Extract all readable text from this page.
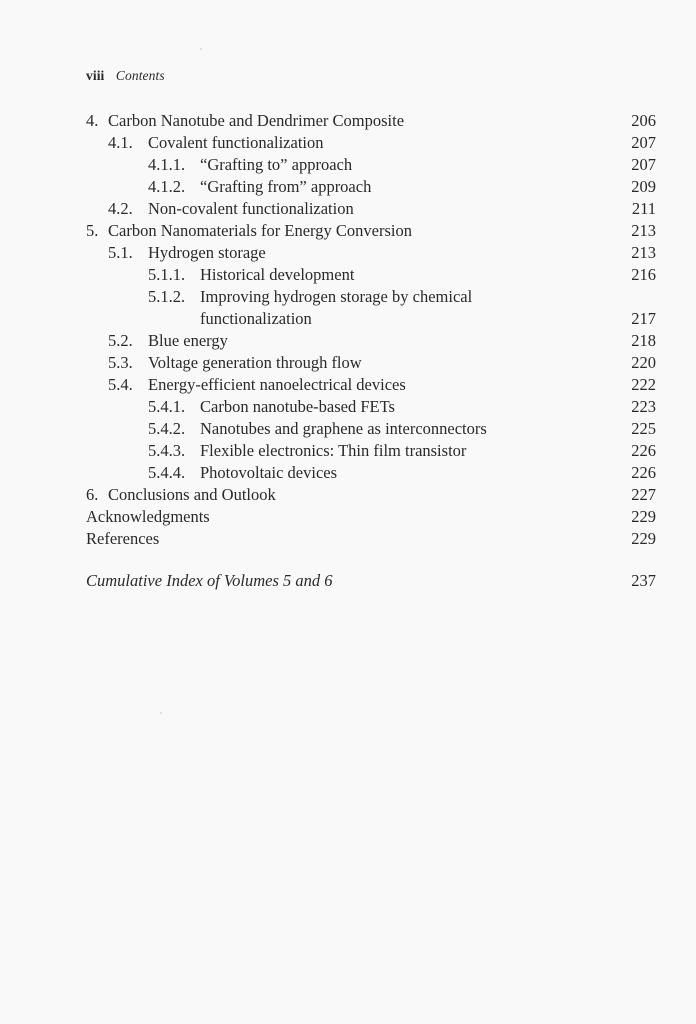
viii Contents
4. Carbon Nanotube and Dendrimer Composite	206
4.1. Covalent functionalization	207
4.1.1. “Grafting to” approach	207
4.1.2. “Grafting from” approach	209
4.2. Non-covalent functionalization	211
5. Carbon Nanomaterials for Energy Conversion	213
5.1. Hydrogen storage	213
5.1.1. Historical development	216
5.1.2. Improving hydrogen storage by chemical
functionalization	217
5.2. Blue energy	218
5.3. Voltage generation through flow	220
5.4. Energy-efficient nanoelectrical devices	222
5.4.1. Carbon nanotube-based FETs	223
5.4.2. Nanotubes and graphene as interconnectors	225
5.4.3. Flexible electronics: Thin film transistor	226
5.4.4. Photovoltaic devices	226
6. Conclusions and Outlook	227
Acknowledgments	229
References	229
Cumulative Index of Volumes 5 and 6	237
